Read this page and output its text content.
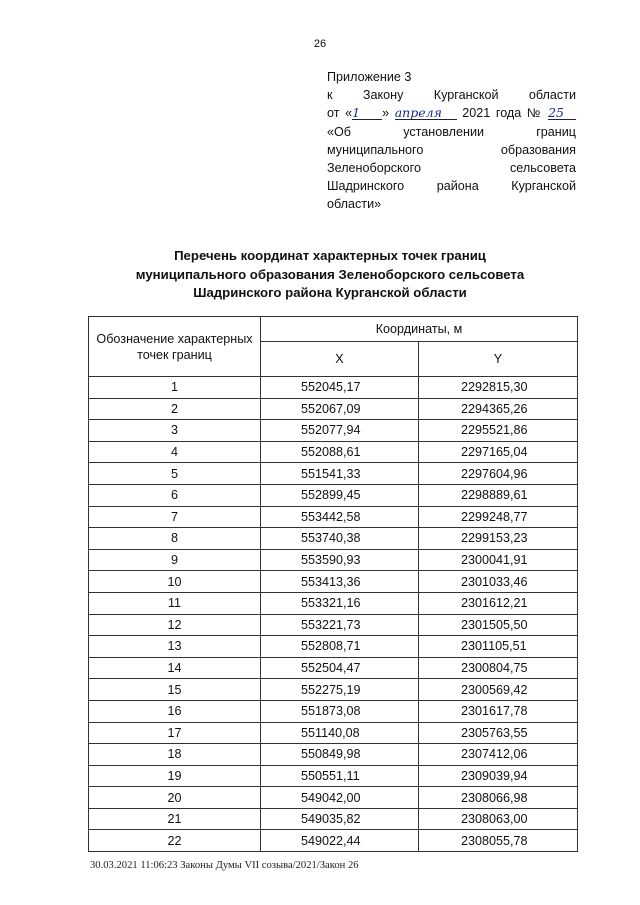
26
Приложение 3
к Закону Курганской области
от «1 » апреля 2021 года № 25
«Об установлении границ
муниципального образования
Зеленоборского сельсовета
Шадринского района Курганской
области»
Перечень координат характерных точек границ
муниципального образования Зеленоборского сельсовета
Шадринского района Курганской области
Обозначение характерных точек границ	Координаты, м	
	X	Y
1	552045,17	2292815,30
2	552067,09	2294365,26
3	552077,94	2295521,86
4	552088,61	2297165,04
5	551541,33	2297604,96
6	552899,45	2298889,61
7	553442,58	2299248,77
8	553740,38	2299153,23
9	553590,93	2300041,91
10	553413,36	2301033,46
11	553321,16	2301612,21
12	553221,73	2301505,50
13	552808,71	2301105,51
14	552504,47	2300804,75
15	552275,19	2300569,42
16	551873,08	2301617,78
17	551140,08	2305763,55
18	550849,98	2307412,06
19	550551,11	2309039,94
20	549042,00	2308066,98
21	549035,82	2308063,00
22	549022,44	2308055,78
30.03.2021 11:06:23 Законы Думы VII созыва/2021/Закон 26
